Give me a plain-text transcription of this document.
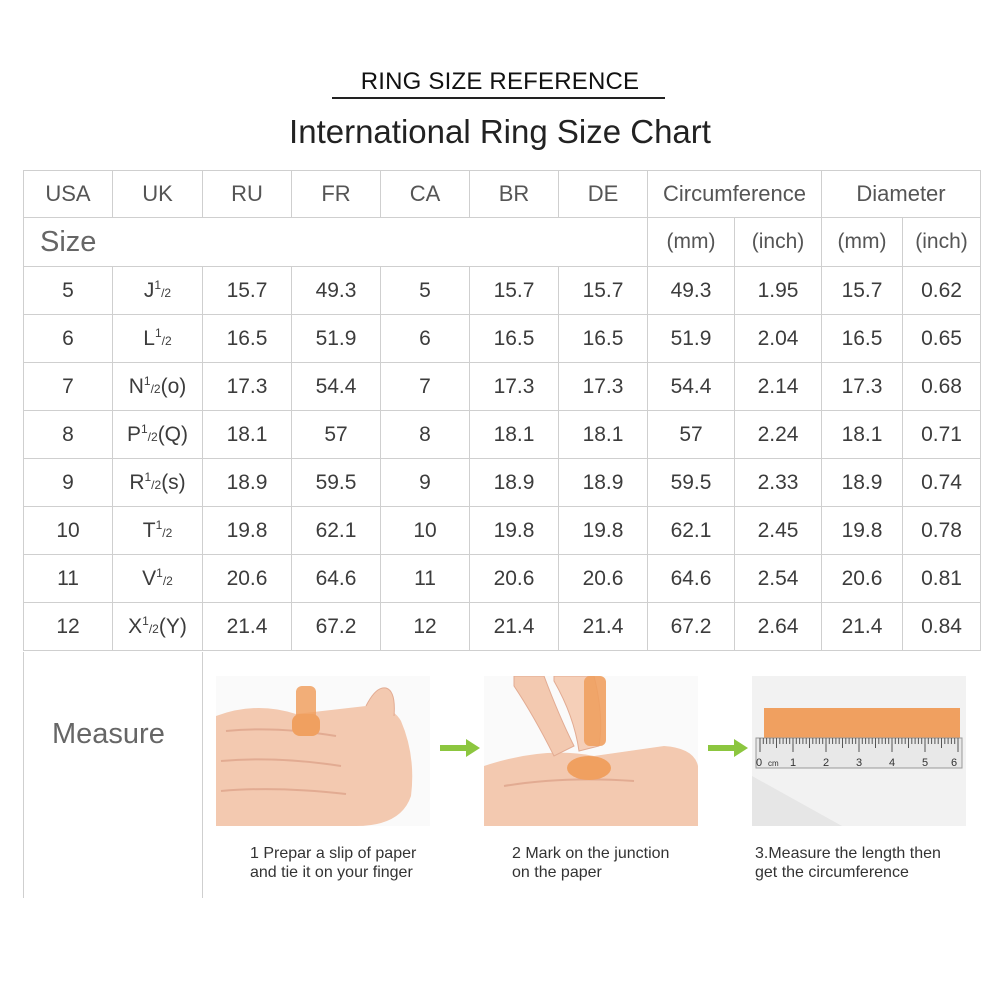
RING SIZE REFERENCE
International Ring Size Chart
USA	UK	RU	FR	CA	BR	DE	Circumference		Diameter	
Size							(mm)	(inch)	(mm)	(inch)
5	$J^1/2$	15.7	49.3	5	15.7	15.7	49.3	1.95	15.7	0.62
6	$L^1/2$	16.5	51.9	6	16.5	16.5	51.9	2.04	16.5	0.65
7	$N^1/2(o)$	17.3	54.4	7	17.3	17.3	54.4	2.14	17.3	0.68
8	$P^1/2(Q)$	18.1	57	8	18.1	18.1	57	2.24	18.1	0.71
9	$R^1/2(s)$	18.9	59.5	9	18.9	18.9	59.5	2.33	18.9	0.74
10	$T^1/2$	19.8	62.1	10	19.8	19.8	62.1	2.45	19.8	0.78
11	$V^1/2$	20.6	64.6	11	20.6	20.6	64.6	2.54	20.6	0.81
12	$X^1/2(Y)$	21.4	67.2	12	21.4	21.4	67.2	2.64	21.4	0.84
Measure
0 cm 1 2 3 4 5 6
1 Prepar a slip of paper
and tie it on your finger
2 Mark on the junction
on the paper
3.Measure the length then
get the circumference
